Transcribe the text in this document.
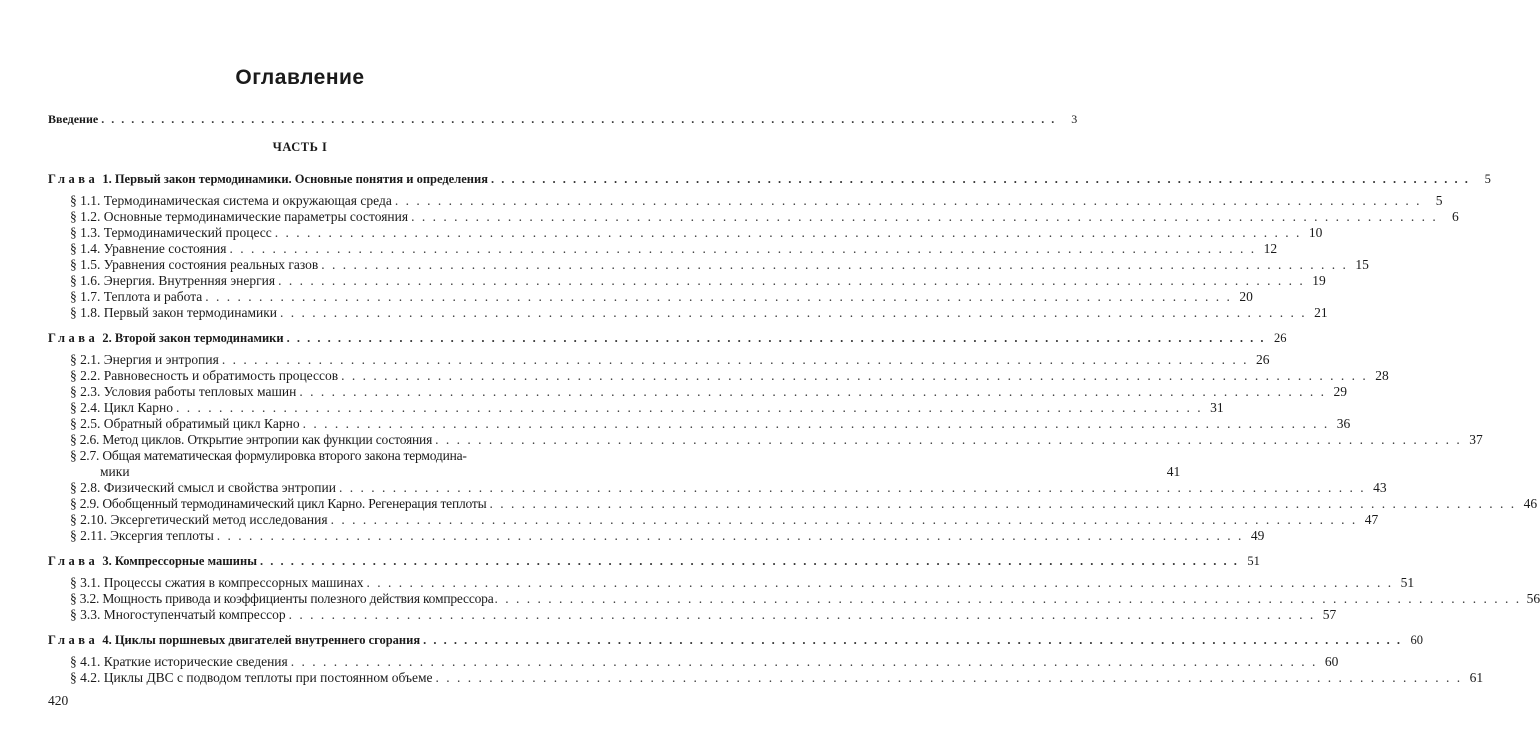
Оглавление
Введение . . .	3
ЧАСТЬ I
Глава 1. Первый закон термодинамики. Основные понятия и определения . . .	5
§ 1.1. Термодинамическая система и окружающая среда . . .	5
§ 1.2. Основные термодинамические параметры состояния . . .	6
§ 1.3. Термодинамический процесс . . .	10
§ 1.4. Уравнение состояния . . .	12
§ 1.5. Уравнения состояния реальных газов . . .	15
§ 1.6. Энергия. Внутренняя энергия . . .	19
§ 1.7. Теплота и работа . . .	20
§ 1.8. Первый закон термодинамики . . .	21
Глава 2. Второй закон термодинамики . . .	26
§ 2.1. Энергия и энтропия . . .	26
§ 2.2. Равновесность и обратимость процессов . . .	28
§ 2.3. Условия работы тепловых машин . . .	29
§ 2.4. Цикл Карно . . .	31
§ 2.5. Обратный обратимый цикл Карно . . .	36
§ 2.6. Метод циклов. Открытие энтропии как функции состояния . . .	37
§ 2.7. Общая математическая формулировка второго закона термодина-
мики	41
§ 2.8. Физический смысл и свойства энтропии . . .	43
§ 2.9. Обобщенный термодинамический цикл Карно. Регенерация теплоты . . .	46
§ 2.10. Эксергетический метод исследования . . .	47
§ 2.11. Эксергия теплоты . . .	49
Глава 3. Компрессорные машины . . .	51
§ 3.1. Процессы сжатия в компрессорных машинах . . .	51
§ 3.2. Мощность привода и коэффициенты полезного действия компрессора . . .	56
§ 3.3. Многоступенчатый компрессор . . .	57
Глава 4. Циклы поршневых двигателей внутреннего сгорания . . .	60
§ 4.1. Краткие исторические сведения . . .	60
§ 4.2. Циклы ДВС с подводом теплоты при постоянном объеме . . .	61
420
